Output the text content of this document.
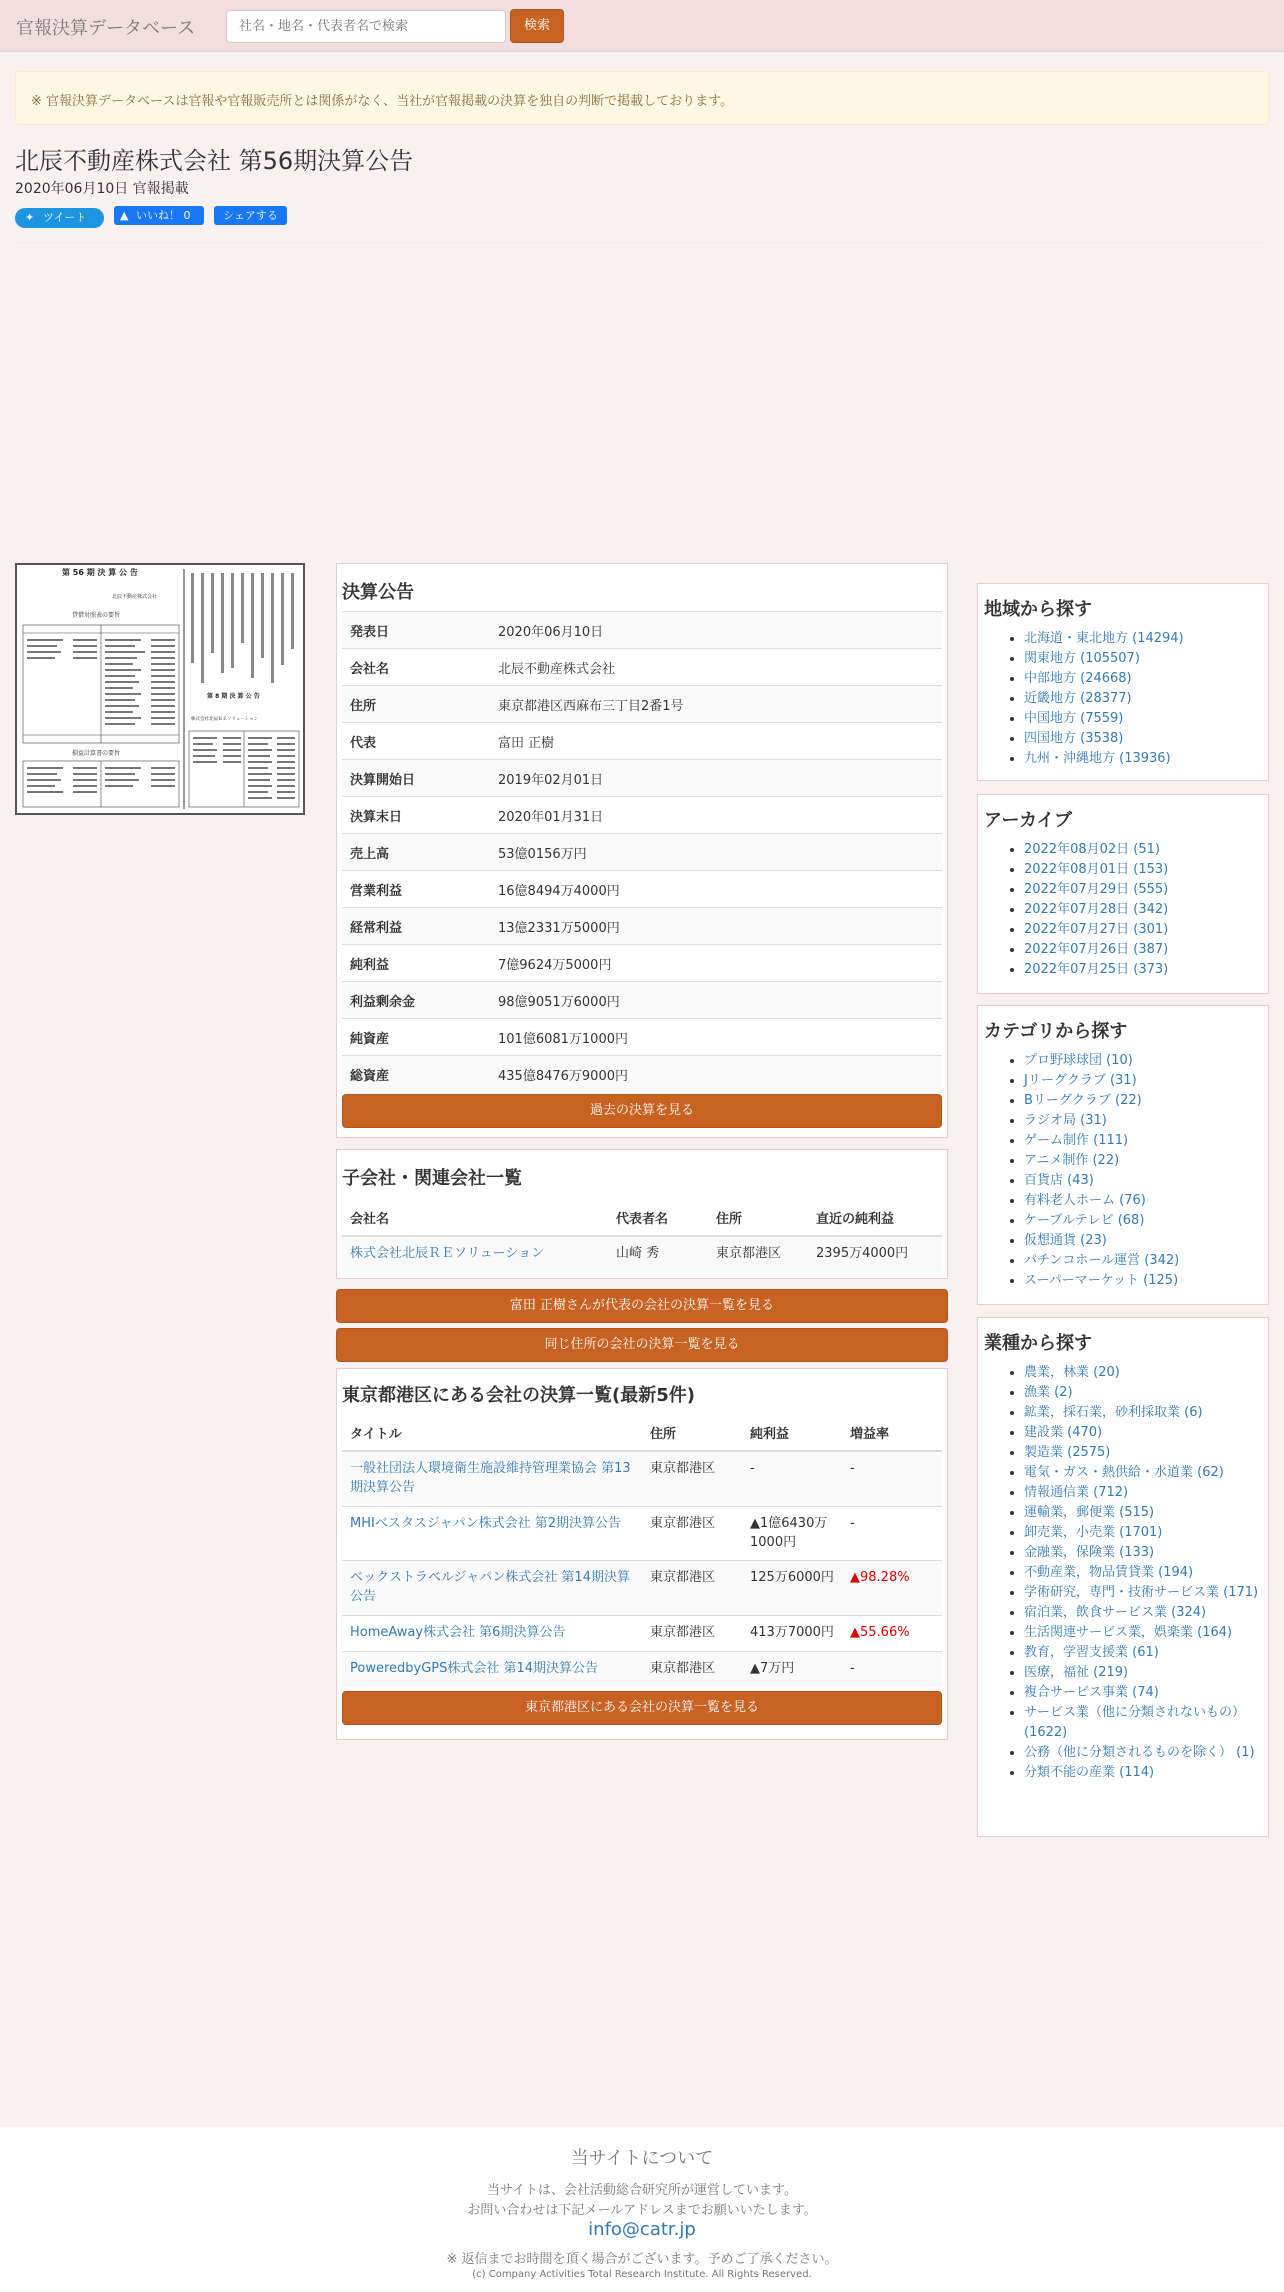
官報決算データベース
社名・地名・代表者名で検索	検索
※ 官報決算データベースは官報や官報販売所とは関係がなく、当社が官報掲載の決算を独自の判断で掲載しております。
北辰不動産株式会社 第56期決算公告
2020年06月10日 官報掲載
✦ ツイート	▲ いいね！ 0	シェアする
第 56 期 決 算 公 告
北辰不動産株式会社
貸借対照表の要旨
損益計算書の要旨
第 8 期 決 算 公 告
株式会社北辰ＲＥソリューション
決算公告
発表日	2020年06月10日
会社名	北辰不動産株式会社
住所	東京都港区西麻布三丁目2番1号
代表	富田 正樹
決算開始日	2019年02月01日
決算末日	2020年01月31日
売上高	53億0156万円
営業利益	16億8494万4000円
経常利益	13億2331万5000円
純利益	7億9624万5000円
利益剰余金	98億9051万6000円
純資産	101億6081万1000円
総資産	435億8476万9000円
過去の決算を見る
子会社・関連会社一覧
会社名	代表者名	住所	直近の純利益
株式会社北辰ＲＥソリューション	山崎 秀	東京都港区	2395万4000円
富田 正樹さんが代表の会社の決算一覧を見る
同じ住所の会社の決算一覧を見る
東京都港区にある会社の決算一覧(最新5件)
タイトル	住所	純利益	増益率
一般社団法人環境衛生施設維持管理業協会 第13期決算公告	東京都港区	-	-
MHIベスタスジャパン株式会社 第2期決算公告	東京都港区	▲1億6430万1000円	-
ベックストラベルジャパン株式会社 第14期決算公告	東京都港区	125万6000円	▲98.28%
HomeAway株式会社 第6期決算公告	東京都港区	413万7000円	▲55.66%
PoweredbyGPS株式会社 第14期決算公告	東京都港区	▲7万円	-
東京都港区にある会社の決算一覧を見る
地域から探す
• 北海道・東北地方 (14294)
• 関東地方 (105507)
• 中部地方 (24668)
• 近畿地方 (28377)
• 中国地方 (7559)
• 四国地方 (3538)
• 九州・沖縄地方 (13936)
アーカイブ
• 2022年08月02日 (51)
• 2022年08月01日 (153)
• 2022年07月29日 (555)
• 2022年07月28日 (342)
• 2022年07月27日 (301)
• 2022年07月26日 (387)
• 2022年07月25日 (373)
カテゴリから探す
• プロ野球球団 (10)
• Jリーグクラブ (31)
• Bリーグクラブ (22)
• ラジオ局 (31)
• ゲーム制作 (111)
• アニメ制作 (22)
• 百貨店 (43)
• 有料老人ホーム (76)
• ケーブルテレビ (68)
• 仮想通貨 (23)
• パチンコホール運営 (342)
• スーパーマーケット (125)
業種から探す
• 農業，林業 (20)
• 漁業 (2)
• 鉱業，採石業，砂利採取業 (6)
• 建設業 (470)
• 製造業 (2575)
• 電気・ガス・熱供給・水道業 (62)
• 情報通信業 (712)
• 運輸業，郵便業 (515)
• 卸売業，小売業 (1701)
• 金融業，保険業 (133)
• 不動産業，物品賃貸業 (194)
• 学術研究，専門・技術サービス業 (171)
• 宿泊業，飲食サービス業 (324)
• 生活関連サービス業，娯楽業 (164)
• 教育，学習支援業 (61)
• 医療，福祉 (219)
• 複合サービス事業 (74)
• サービス業（他に分類されないもの） (1622)
• 公務（他に分類されるものを除く） (1)
• 分類不能の産業 (114)
当サイトについて
当サイトは、会社活動総合研究所が運営しています。
お問い合わせは下記メールアドレスまでお願いいたします。
info@catr.jp
※ 返信までお時間を頂く場合がございます。予めご了承ください。
(c) Company Activities Total Research Institute. All Rights Reserved.
